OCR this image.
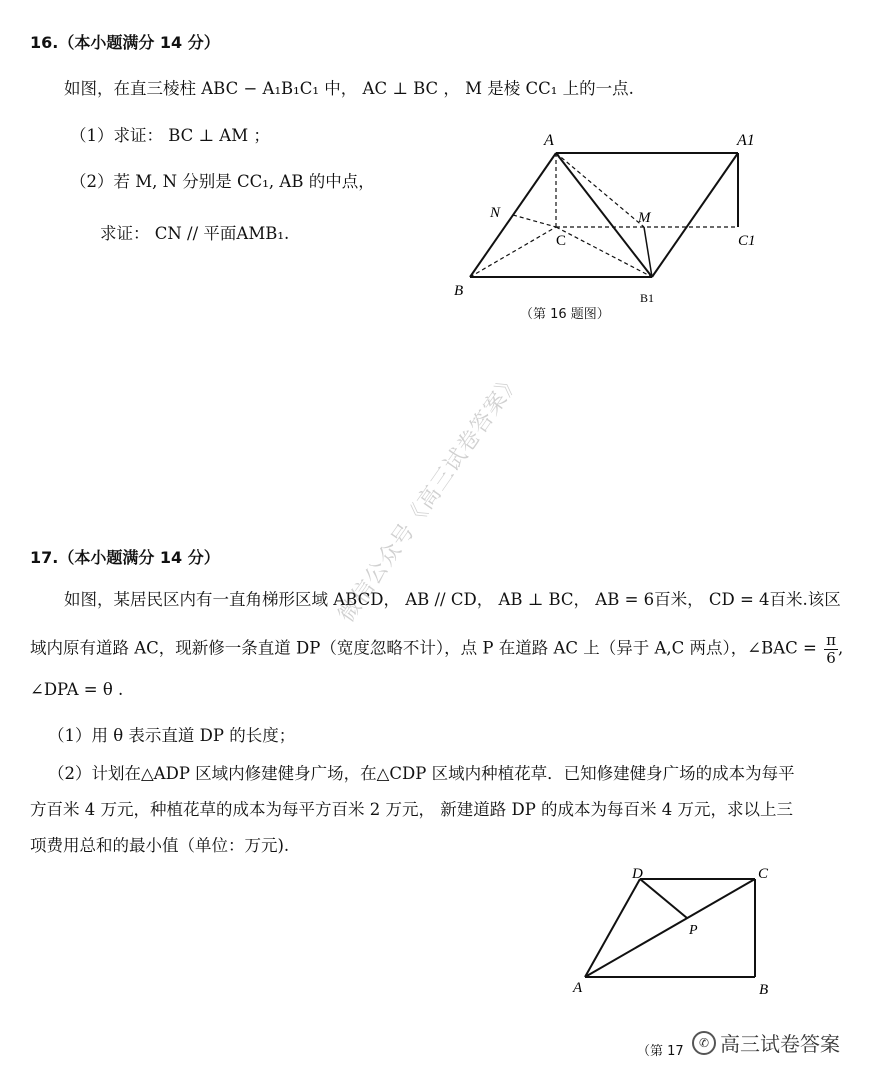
16.（本小题满分 14 分）
如图，在直三棱柱 ABC − A₁B₁C₁ 中， AC ⊥ BC ， M 是棱 CC₁ 上的一点.
（1）求证： BC ⊥ AM ；
（2）若 M, N 分别是 CC₁, AB 的中点，
求证： CN // 平面AMB₁.
A	A1
N	M
C	C1
B	B1
（第 16 题图）
17.（本小题满分 14 分）
如图，某居民区内有一直角梯形区域 ABCD， AB // CD， AB ⊥ BC， AB = 6百米， CD = 4百米.该区
域内原有道路 AC，现新修一条直道 DP（宽度忽略不计），点 P 在道路 AC 上（异于 A,C 两点），∠BAC = $\frac{\pi}{6}$ ,
∠DPA = θ .
（1）用 θ 表示直道 DP 的长度；
（2）计划在△ADP 区域内修建健身广场，在△CDP 区域内种植花草．已知修建健身广场的成本为每平
方百米 4 万元，种植花草的成本为每平方百米 2 万元， 新建道路 DP 的成本为每百米 4 万元，求以上三
项费用总和的最小值（单位：万元).
D	C
P
A	B
（第 17
微信公众号《高三试卷答案》
✆ 高三试卷答案
